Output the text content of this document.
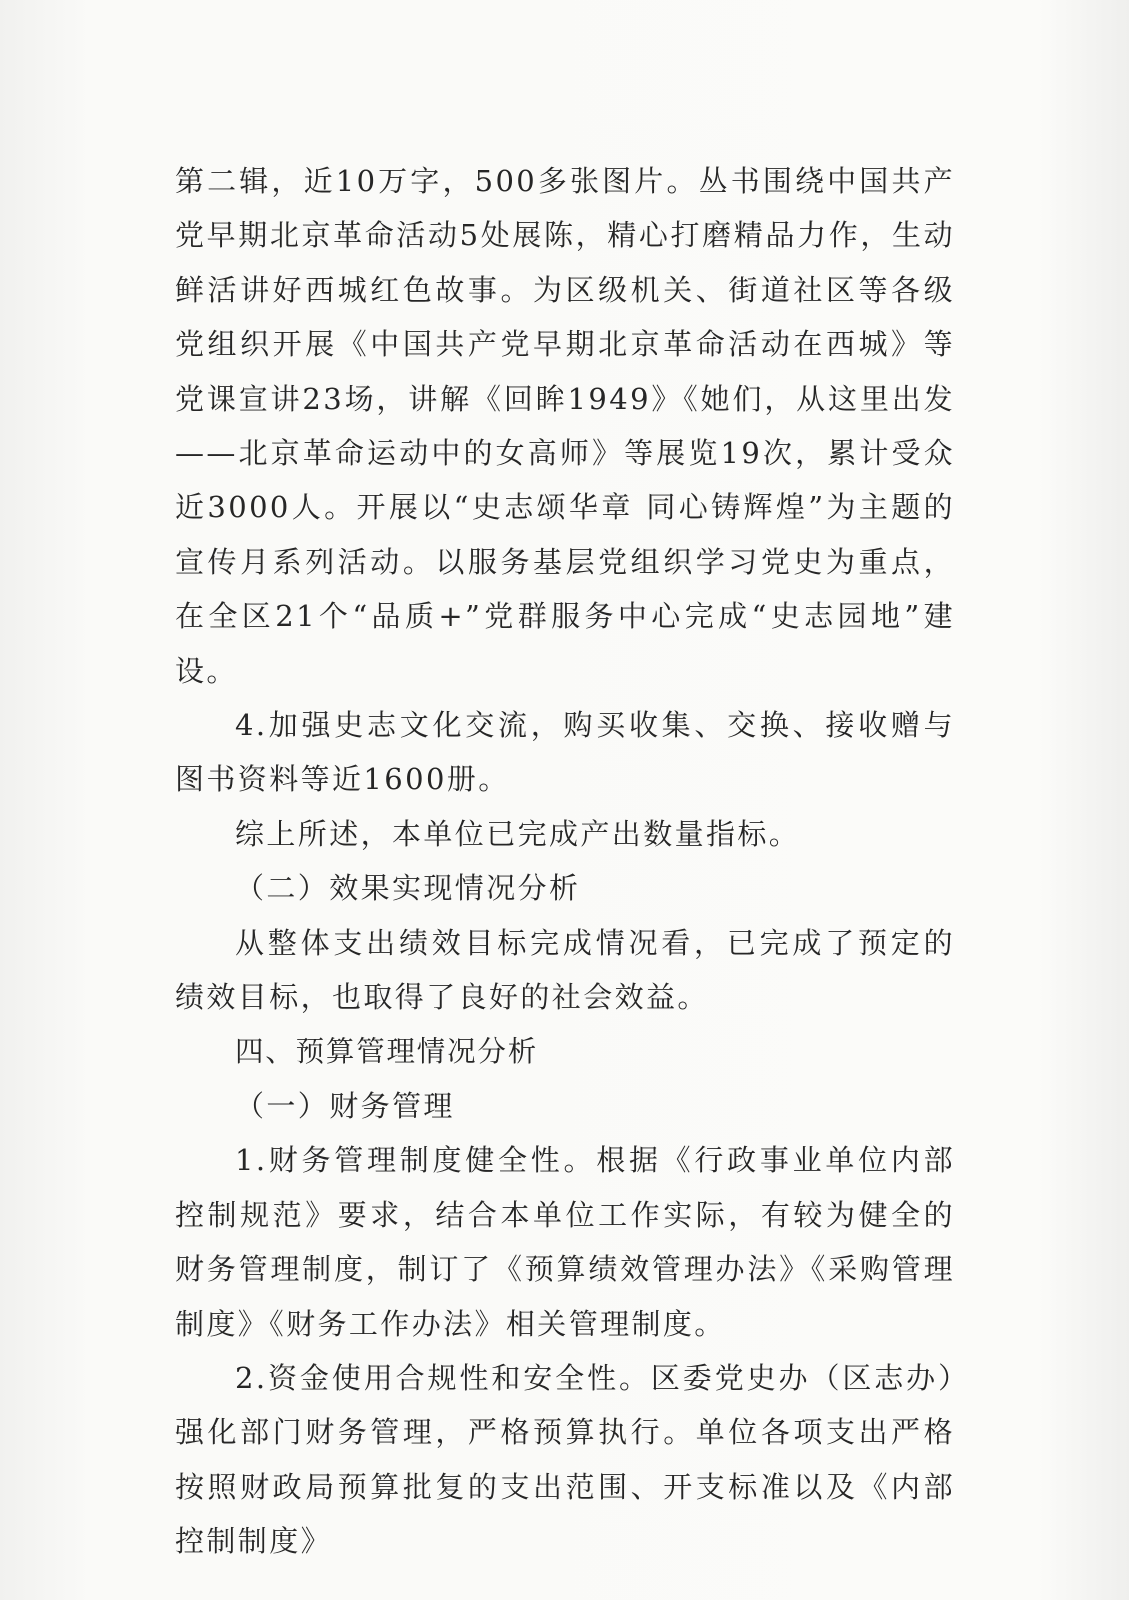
第二辑，近10万字，500多张图片。丛书围绕中国共产党早期北京革命活动5处展陈，精心打磨精品力作，生动鲜活讲好西城红色故事。为区级机关、街道社区等各级党组织开展《中国共产党早期北京革命活动在西城》等党课宣讲23场，讲解《回眸1949》《她们，从这里出发——北京革命运动中的女高师》等展览19次，累计受众近3000人。开展以“史志颂华章 同心铸辉煌”为主题的宣传月系列活动。以服务基层党组织学习党史为重点，在全区21个“品质+”党群服务中心完成“史志园地”建设。

4.加强史志文化交流，购买收集、交换、接收赠与图书资料等近1600册。

综上所述，本单位已完成产出数量指标。

（二）效果实现情况分析

从整体支出绩效目标完成情况看，已完成了预定的绩效目标，也取得了良好的社会效益。

四、预算管理情况分析

（一）财务管理

1.财务管理制度健全性。根据《行政事业单位内部控制规范》要求，结合本单位工作实际，有较为健全的财务管理制度，制订了《预算绩效管理办法》《采购管理制度》《财务工作办法》相关管理制度。

2.资金使用合规性和安全性。区委党史办（区志办）强化部门财务管理，严格预算执行。单位各项支出严格按照财政局预算批复的支出范围、开支标准以及《内部控制制度》
